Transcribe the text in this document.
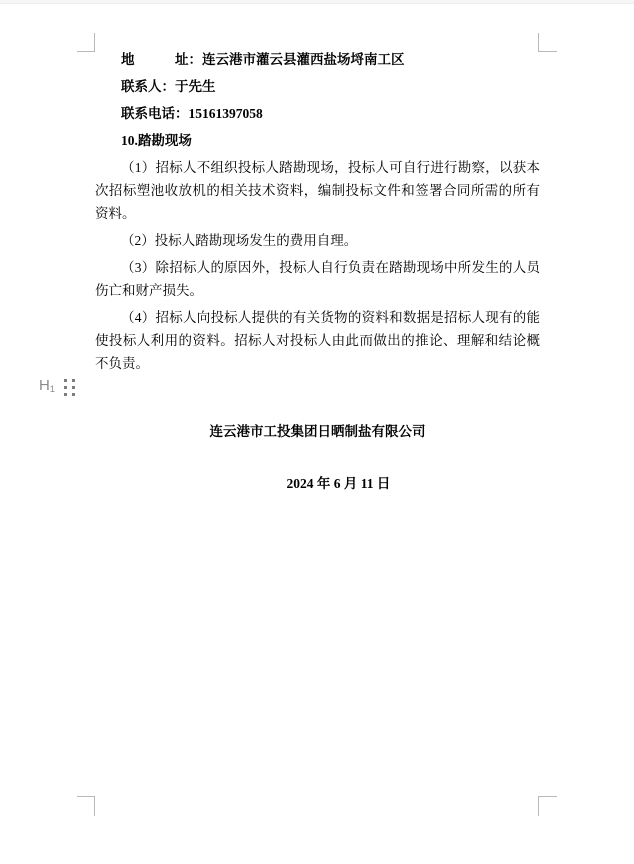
地　　　址：连云港市灌云县灌西盐场埒南工区

联系人：于先生

联系电话：15161397058

10.踏勘现场

（1）招标人不组织投标人踏勘现场，投标人可自行进行勘察，以获本次招标塑池收放机的相关技术资料，编制投标文件和签署合同所需的所有资料。

（2）投标人踏勘现场发生的费用自理。

（3）除招标人的原因外，投标人自行负责在踏勘现场中所发生的人员伤亡和财产损失。

（4）招标人向投标人提供的有关货物的资料和数据是招标人现有的能使投标人利用的资料。招标人对投标人由此而做出的推论、理解和结论概不负责。

$H_1$

连云港市工投集团日晒制盐有限公司

2024 年 6 月 11 日
